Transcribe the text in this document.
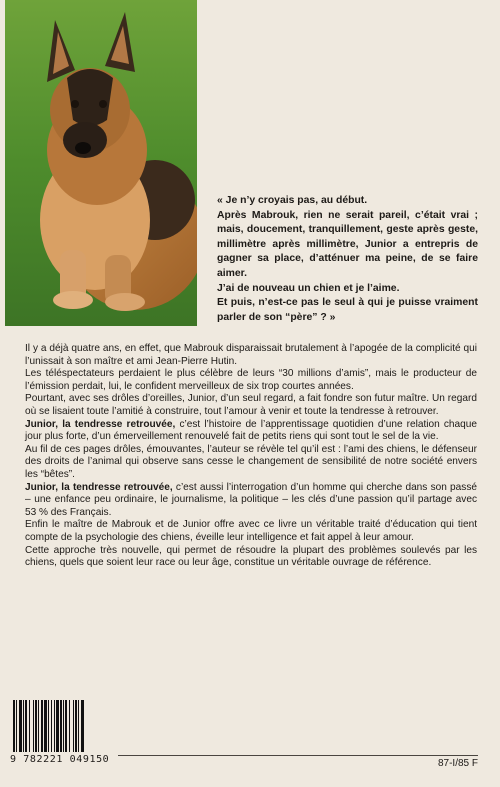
« Je n’y croyais pas, au début.

Après Mabrouk, rien ne serait pareil, c’était vrai ; mais, doucement, tranquillement, geste après geste, millimètre après millimètre, Junior a entrepris de gagner sa place, d’atténuer ma peine, de se faire aimer.

J’ai de nouveau un chien et je l’aime.

Et puis, n’est-ce pas le seul à qui je puisse vraiment parler de son “père” ? »

Il y a déjà quatre ans, en effet, que Mabrouk disparaissait brutalement à l’apogée de la complicité qui l’unissait à son maître et ami Jean-Pierre Hutin.

Les téléspectateurs perdaient le plus célèbre de leurs “30 millions d’amis”, mais le producteur de l’émission perdait, lui, le confident merveilleux de six trop courtes années.

Pourtant, avec ses drôles d’oreilles, Junior, d’un seul regard, a fait fondre son futur maître. Un regard où se lisaient toute l’amitié à construire, tout l’amour à venir et toute la tendresse à retrouver.

Junior, la tendresse retrouvée, c’est l’histoire de l’apprentissage quotidien d’une relation chaque jour plus forte, d’un émerveillement renouvelé fait de petits riens qui sont tout le sel de la vie.

Au fil de ces pages drôles, émouvantes, l’auteur se révèle tel qu’il est : l’ami des chiens, le défenseur des droits de l’animal qui observe sans cesse le changement de sensibilité de notre société envers les “bêtes”.

Junior, la tendresse retrouvée, c’est aussi l’interrogation d’un homme qui cherche dans son passé – une enfance peu ordinaire, le journalisme, la politique – les clés d’une passion qu’il partage avec 53 % des Français.

Enfin le maître de Mabrouk et de Junior offre avec ce livre un véritable traité d’éducation qui tient compte de la psychologie des chiens, éveille leur intelligence et fait appel à leur amour.

Cette approche très nouvelle, qui permet de résoudre la plupart des problèmes soulevés par les chiens, quels que soient leur race ou leur âge, constitue un véritable ouvrage de référence.

9 782221 049150	87-I/85 F
